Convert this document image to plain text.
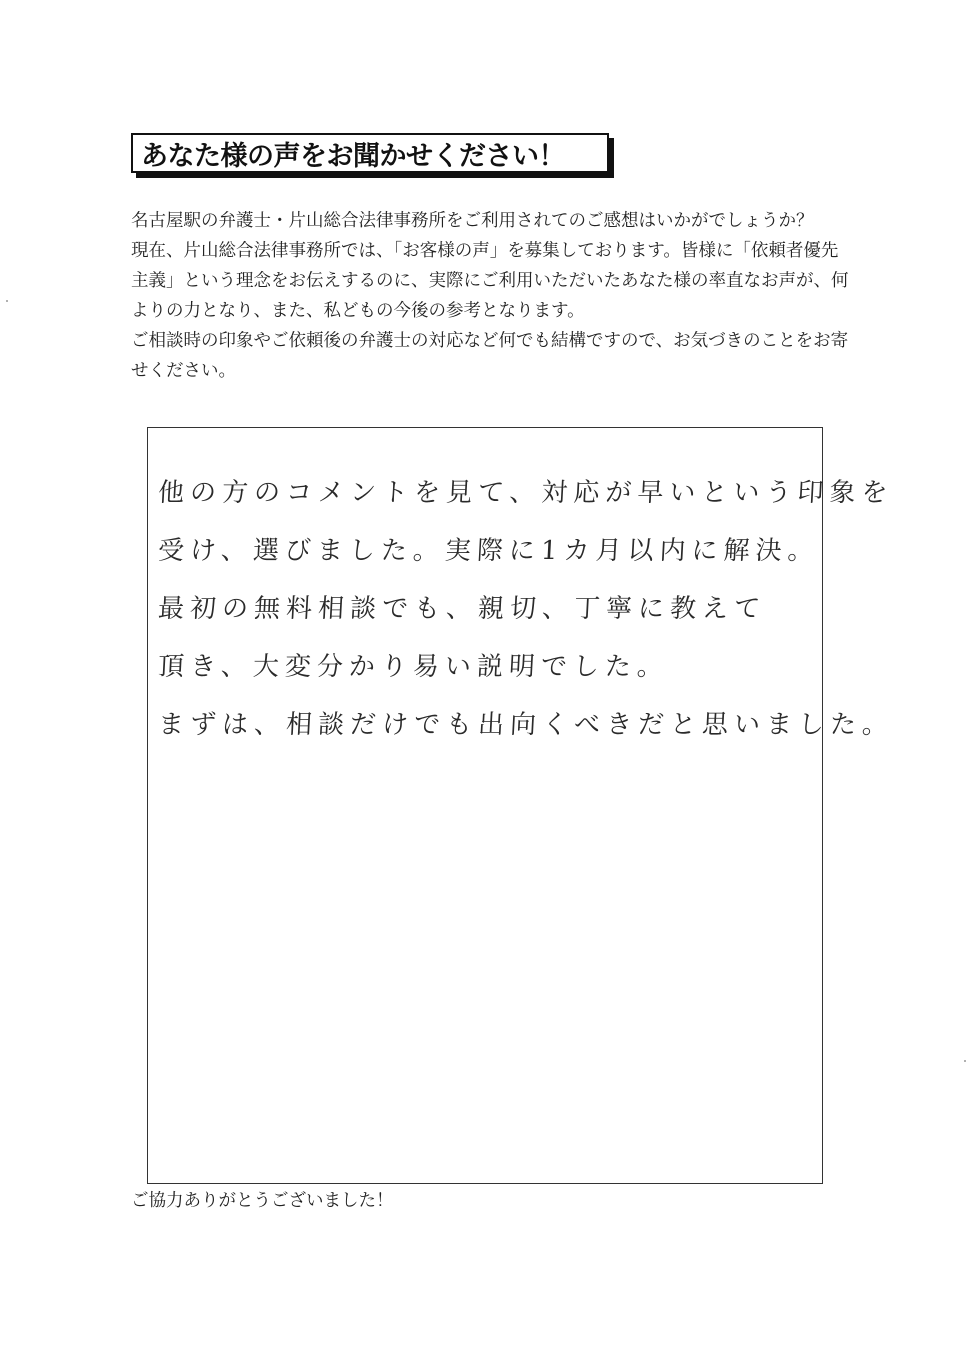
あなた様の声をお聞かせください！

名古屋駅の弁護士・片山総合法律事務所をご利用されてのご感想はいかがでしょうか？

現在、片山総合法律事務所では、「お客様の声」を募集しております。皆様に「依頼者優先主義」という理念をお伝えするのに、実際にご利用いただいたあなた様の率直なお声が、何よりの力となり、また、私どもの今後の参考となります。

ご相談時の印象やご依頼後の弁護士の対応など何でも結構ですので、お気づきのことをお寄せください。

他の方のコメントを見て、対応が早いという印象を
受け、選びました。実際に1カ月以内に解決。
最初の無料相談でも、親切、丁寧に教えて
頂き、大変分かり易い説明でした。
まずは、相談だけでも出向くべきだと思いました。
ご協力ありがとうございました！
